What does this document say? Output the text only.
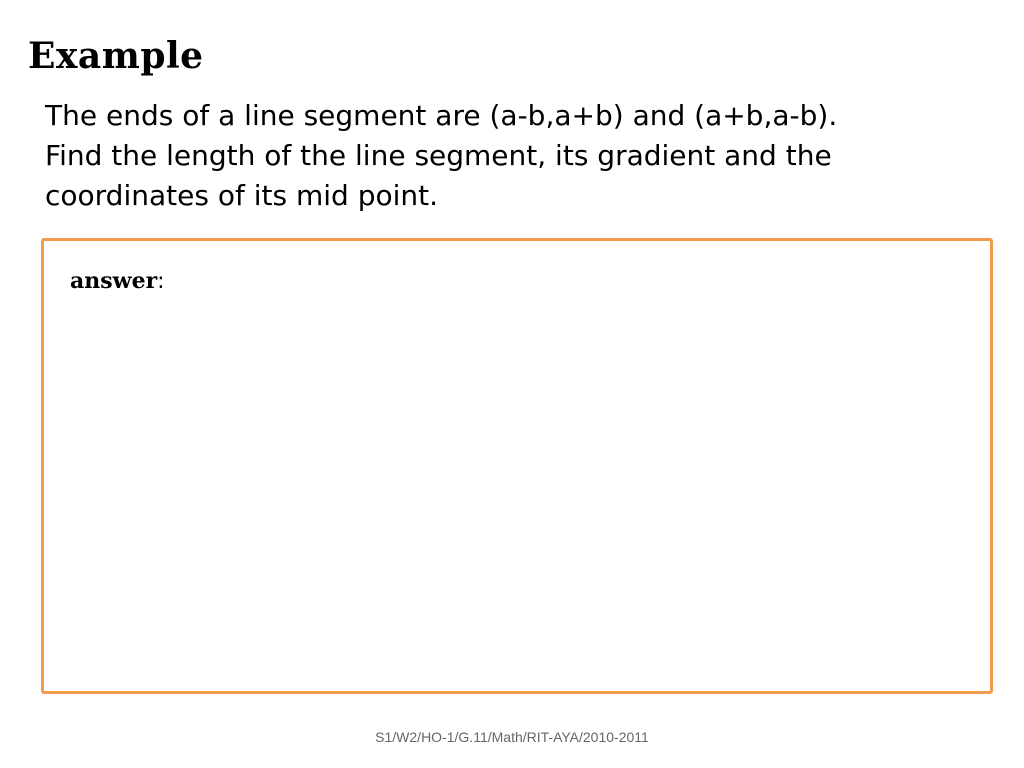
Example
The ends of a line segment are (a-b,a+b) and (a+b,a-b).
Find the length of the line segment, its gradient and the
coordinates of its mid point.
answer:
S1/W2/HO-1/G.11/Math/RIT-AYA/2010-2011
